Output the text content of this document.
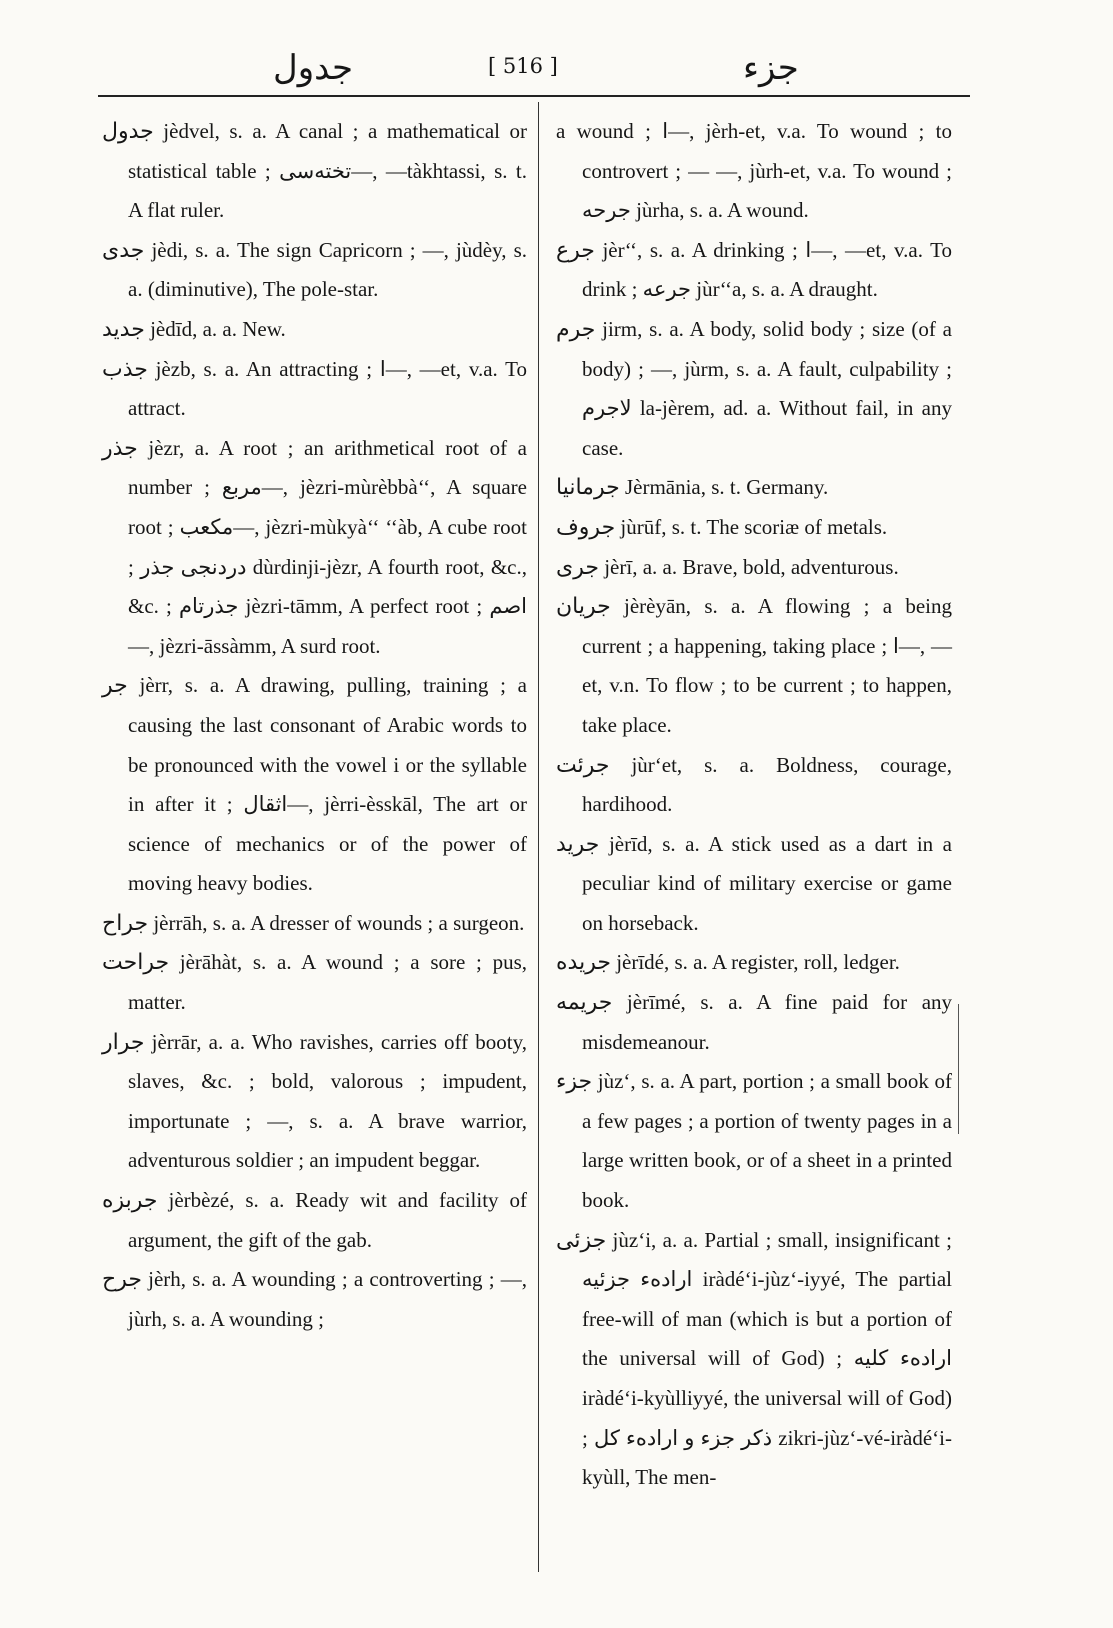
جدول	[ 516 ]	جزء

جدول jèdvel, s. a. A canal ; a mathematical or statistical table ; تخته‌سى—, —tàkhtassi, s. t. A flat ruler.

جدى jèdi, s. a. The sign Capricorn ; —, jùdèy, s. a. (diminutive), The pole-star.

جديد jèdīd, a. a. New.

جذب jèzb, s. a. An attracting ; ا—, —et, v.a. To attract.

جذر jèzr, a. A root ; an arithmetical root of a number ; مربع—, jèzri-mùrèbbà‘‘, A square root ; مكعب—, jèzri-mùkyà‘‘ ‘‘àb, A cube root ; دردنجى جذر dùrdinji-jèzr, A fourth root, &c., &c. ; جذرتام jèzri-tāmm, A perfect root ; اصم—, jèzri-āssàmm, A surd root.

جر jèrr, s. a. A drawing, pulling, training ; a causing the last consonant of Arabic words to be pronounced with the vowel i or the syllable in after it ; اثقال—, jèrri-èsskāl, The art or science of mechanics or of the power of moving heavy bodies.

جراح jèrrāh, s. a. A dresser of wounds ; a surgeon.

جراحت jèrāhàt, s. a. A wound ; a sore ; pus, matter.

جرار jèrrār, a. a. Who ravishes, carries off booty, slaves, &c. ; bold, valorous ; impudent, importunate ; —, s. a. A brave warrior, adventurous soldier ; an impudent beggar.

جربزه jèrbèzé, s. a. Ready wit and facility of argument, the gift of the gab.

جرح jèrh, s. a. A wounding ; a controverting ; —, jùrh, s. a. A wounding ;

a wound ; ا—, jèrh-et, v.a. To wound ; to controvert ; — —, jùrh-et, v.a. To wound ; جرحه jùrha, s. a. A wound.

جرع jèr‘‘, s. a. A drinking ; ا—, —et, v.a. To drink ; جرعه jùr‘‘a, s. a. A draught.

جرم jirm, s. a. A body, solid body ; size (of a body) ; —, jùrm, s. a. A fault, culpability ; لاجرم la-jèrem, ad. a. Without fail, in any case.

جرمانيا Jèrmānia, s. t. Germany.

جروف jùrūf, s. t. The scoriæ of metals.

جرى jèrī, a. a. Brave, bold, adventurous.

جريان jèrèyān, s. a. A flowing ; a being current ; a happening, taking place ; ا—, —et, v.n. To flow ; to be current ; to happen, take place.

جرئت jùr‘et, s. a. Boldness, courage, hardihood.

جريد jèrīd, s. a. A stick used as a dart in a peculiar kind of military exercise or game on horseback.

جريده jèrīdé, s. a. A register, roll, ledger.

جريمه jèrīmé, s. a. A fine paid for any misdemeanour.

جزء jùz‘, s. a. A part, portion ; a small book of a few pages ; a portion of twenty pages in a large written book, or of a sheet in a printed book.

جزئى jùz‘i, a. a. Partial ; small, insignificant ; اراده‌ء جزئيه iràdé‘i-jùz‘-iyyé, The partial free-will of man (which is but a portion of the universal will of God) ; اراده‌ء كليه iràdé‘i-kyùlliyyé, the universal will of God) ; ذكر جزء و اراده‌ء كل zikri-jùz‘-vé-iràdé‘i-kyùll, The men-
